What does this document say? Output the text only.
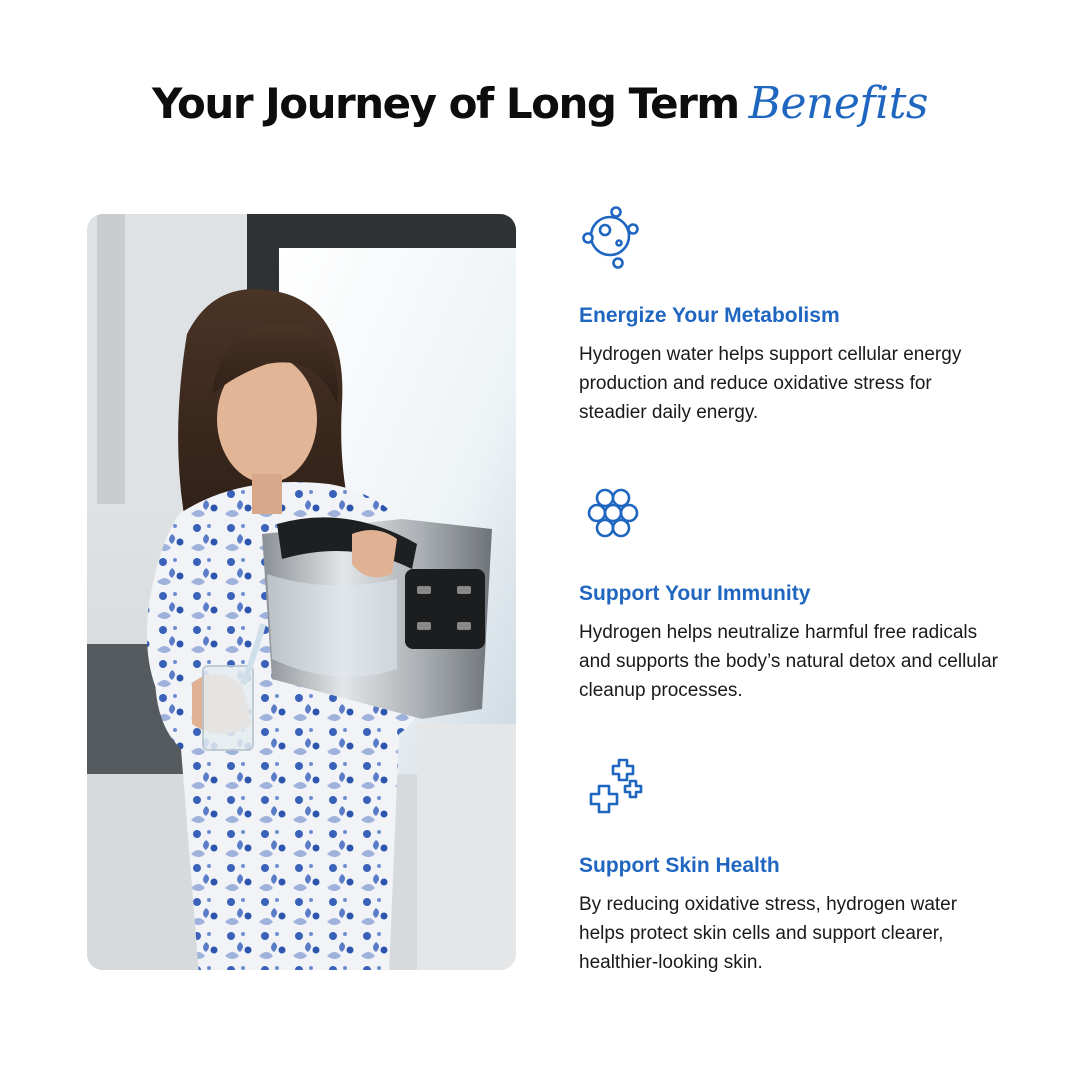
Your Journey of Long Term Benefits

Energize Your Metabolism

Hydrogen water helps support cellular energy production and reduce oxidative stress for steadier daily energy.

Support Your Immunity

Hydrogen helps neutralize harmful free radicals and supports the body’s natural detox and cellular cleanup processes.

Support Skin Health

By reducing oxidative stress, hydrogen water helps protect skin cells and support clearer, healthier-looking skin.
